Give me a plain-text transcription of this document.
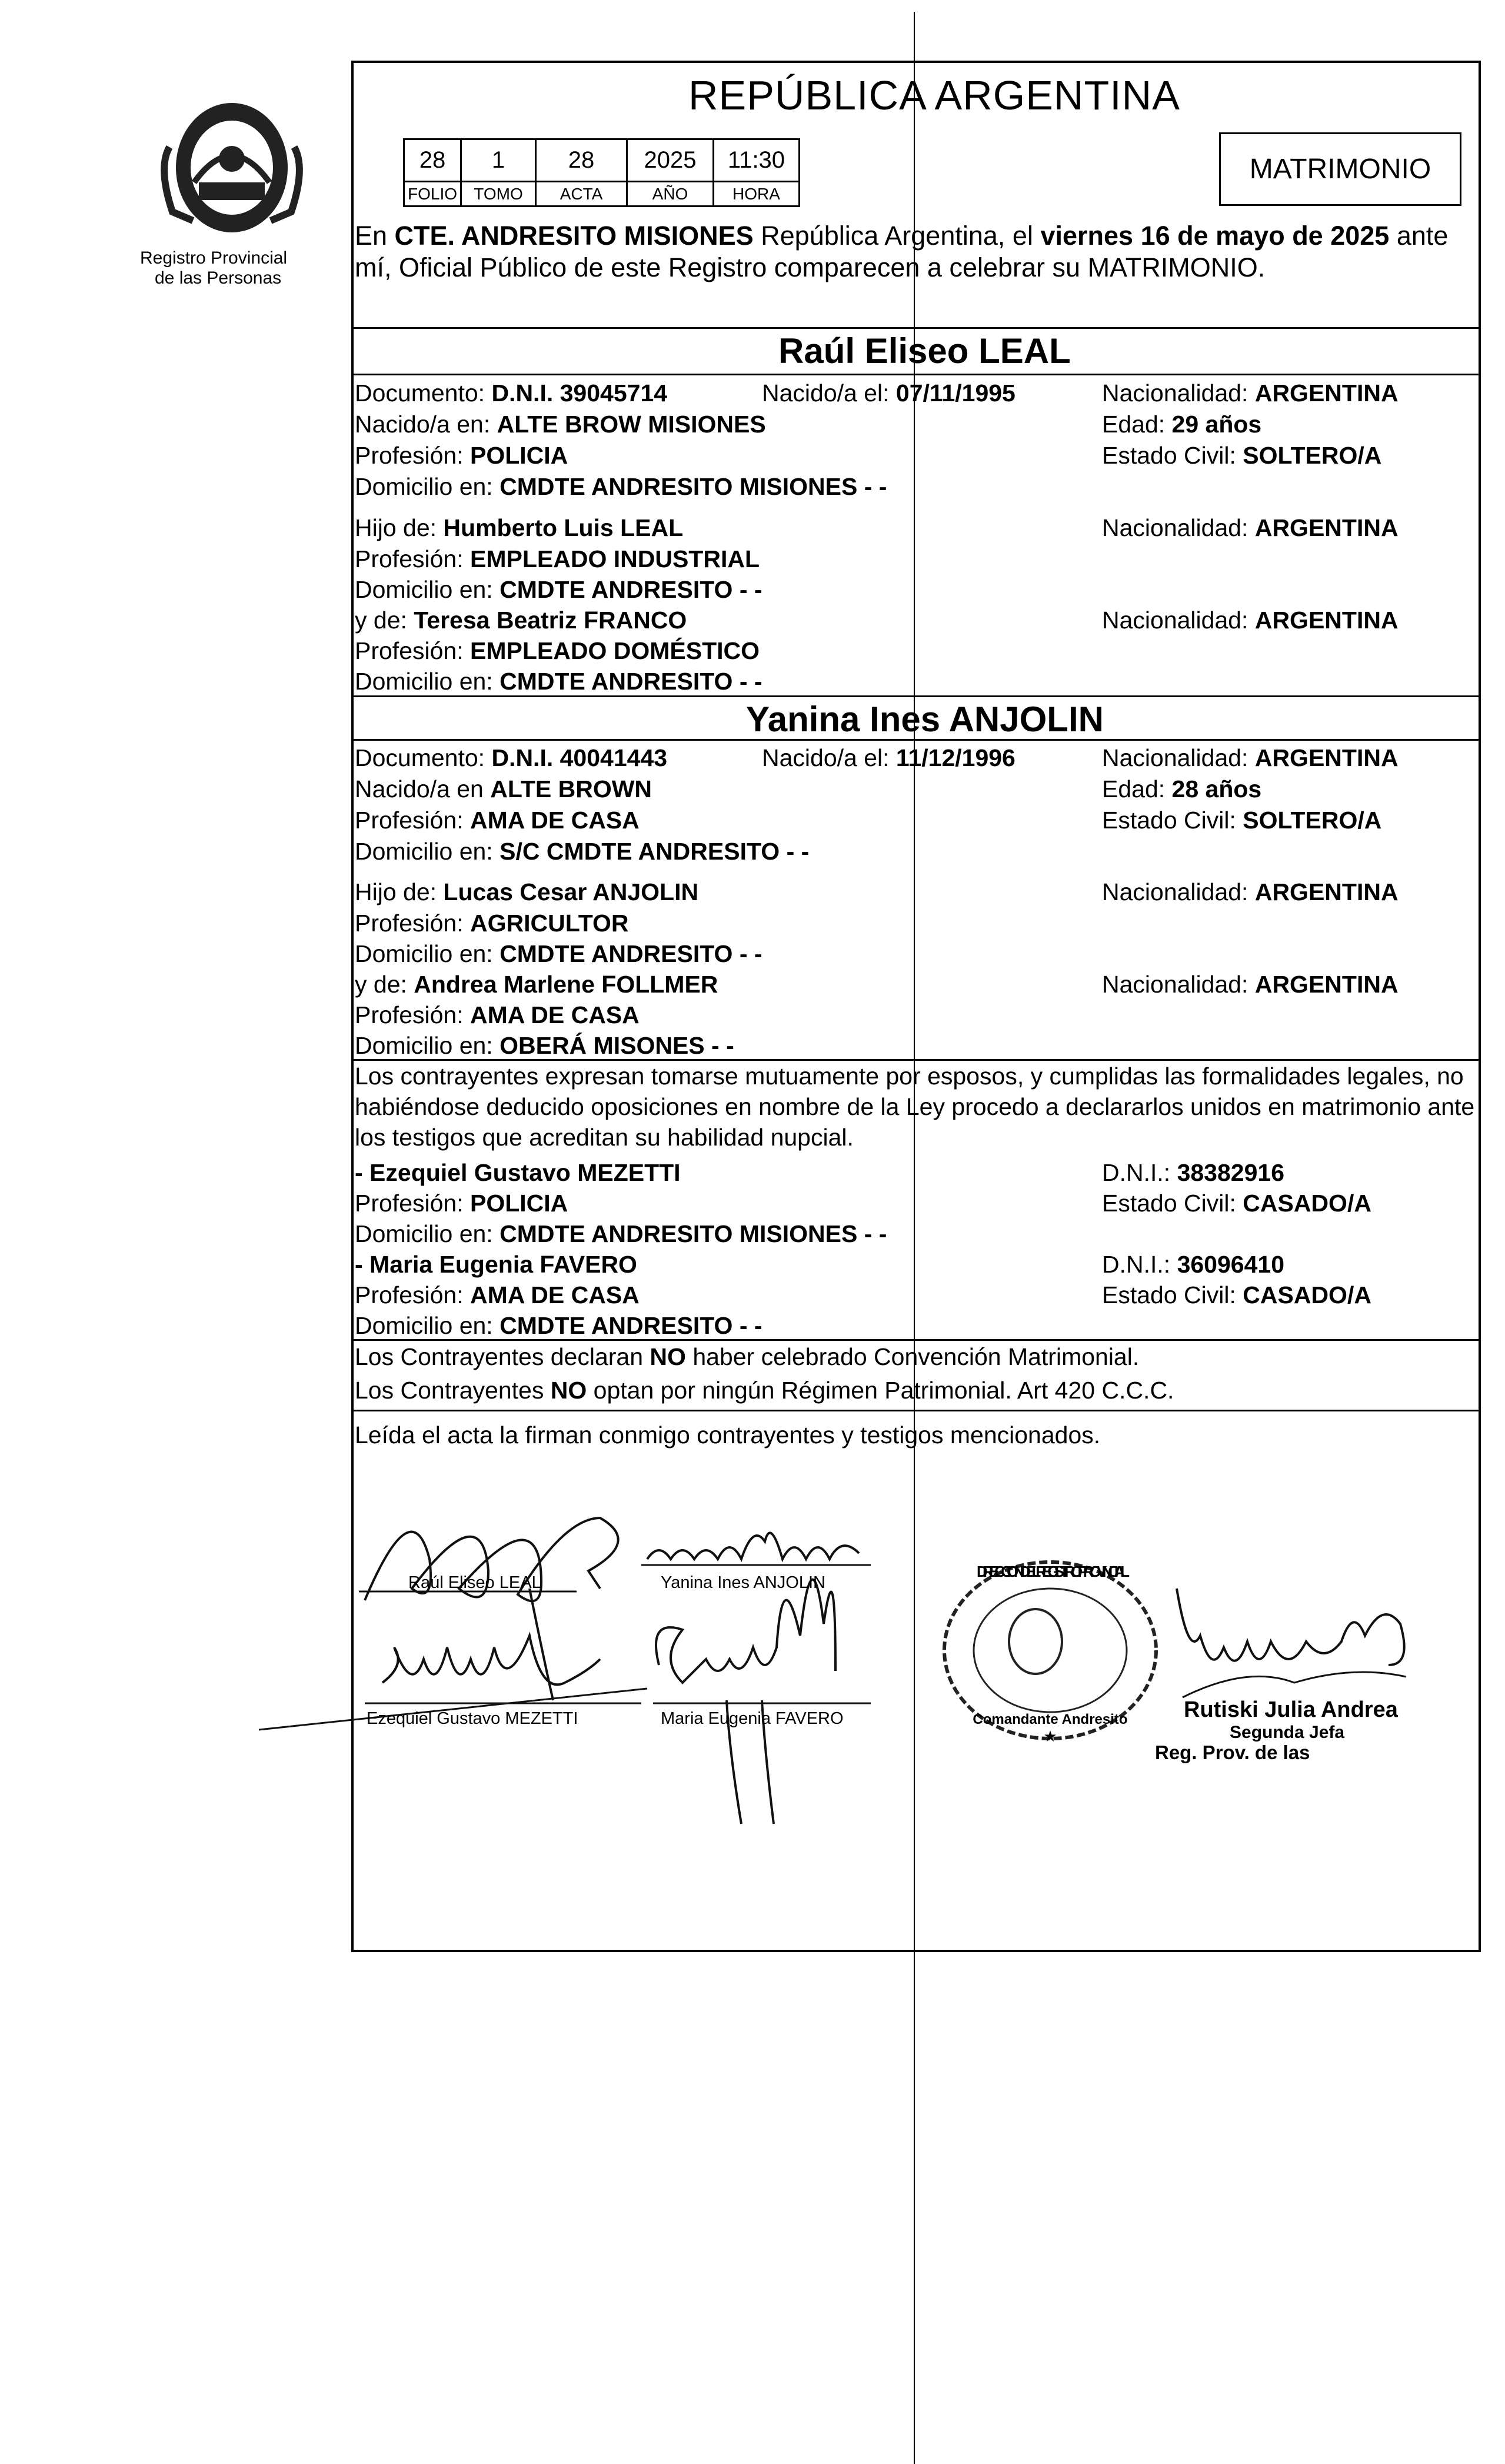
Registro Provincial
de las Personas
REPÚBLICA ARGENTINA
28	1	28	2025	11:30
FOLIO	TOMO	ACTA	AÑO	HORA
MATRIMONIO
En CTE. ANDRESITO MISIONES República Argentina, el viernes 16 de mayo de 2025 ante
mí, Oficial Público de este Registro comparecen a celebrar su MATRIMONIO.
Raúl Eliseo LEAL
Documento: D.N.I. 39045714	Nacido/a el: 07/11/1995	Nacionalidad: ARGENTINA
Nacido/a en: ALTE BROW MISIONES	Edad: 29 años
Profesión: POLICIA	Estado Civil: SOLTERO/A
Domicilio en: CMDTE ANDRESITO MISIONES - -
Hijo de: Humberto Luis LEAL	Nacionalidad: ARGENTINA
Profesión: EMPLEADO INDUSTRIAL
Domicilio en: CMDTE ANDRESITO - -
y de: Teresa Beatriz FRANCO	Nacionalidad: ARGENTINA
Profesión: EMPLEADO DOMÉSTICO
Domicilio en: CMDTE ANDRESITO - -
Yanina Ines ANJOLIN
Documento: D.N.I. 40041443	Nacido/a el: 11/12/1996	Nacionalidad: ARGENTINA
Nacido/a en ALTE BROWN	Edad: 28 años
Profesión: AMA DE CASA	Estado Civil: SOLTERO/A
Domicilio en: S/C CMDTE ANDRESITO - -
Hijo de: Lucas Cesar ANJOLIN	Nacionalidad: ARGENTINA
Profesión: AGRICULTOR
Domicilio en: CMDTE ANDRESITO - -
y de: Andrea Marlene FOLLMER	Nacionalidad: ARGENTINA
Profesión: AMA DE CASA
Domicilio en: OBERÁ MISONES - -
Los contrayentes expresan tomarse mutuamente por esposos, y cumplidas las formalidades legales, no
habiéndose deducido oposiciones en nombre de la Ley procedo a declararlos unidos en matrimonio ante
los testigos que acreditan su habilidad nupcial.
- Ezequiel Gustavo MEZETTI	D.N.I.: 38382916
Profesión: POLICIA	Estado Civil: CASADO/A
Domicilio en: CMDTE ANDRESITO MISIONES - -
- Maria Eugenia FAVERO	D.N.I.: 36096410
Profesión: AMA DE CASA	Estado Civil: CASADO/A
Domicilio en: CMDTE ANDRESITO - -
Los Contrayentes declaran NO haber celebrado Convención Matrimonial.
Los Contrayentes NO optan por ningún Régimen Patrimonial. Art 420 C.C.C.
Leída el acta la firman conmigo contrayentes y testigos mencionados.
Raúl Eliseo LEAL	Yanina Ines ANJOLIN
Ezequiel Gustavo MEZETTI	Maria Eugenia FAVERO
DIRECCION DEL REGISTRO PROVINCIAL
Comandante Andresito
★
Rutiski Julia Andrea
Segunda Jefa
Reg. Prov. de las
